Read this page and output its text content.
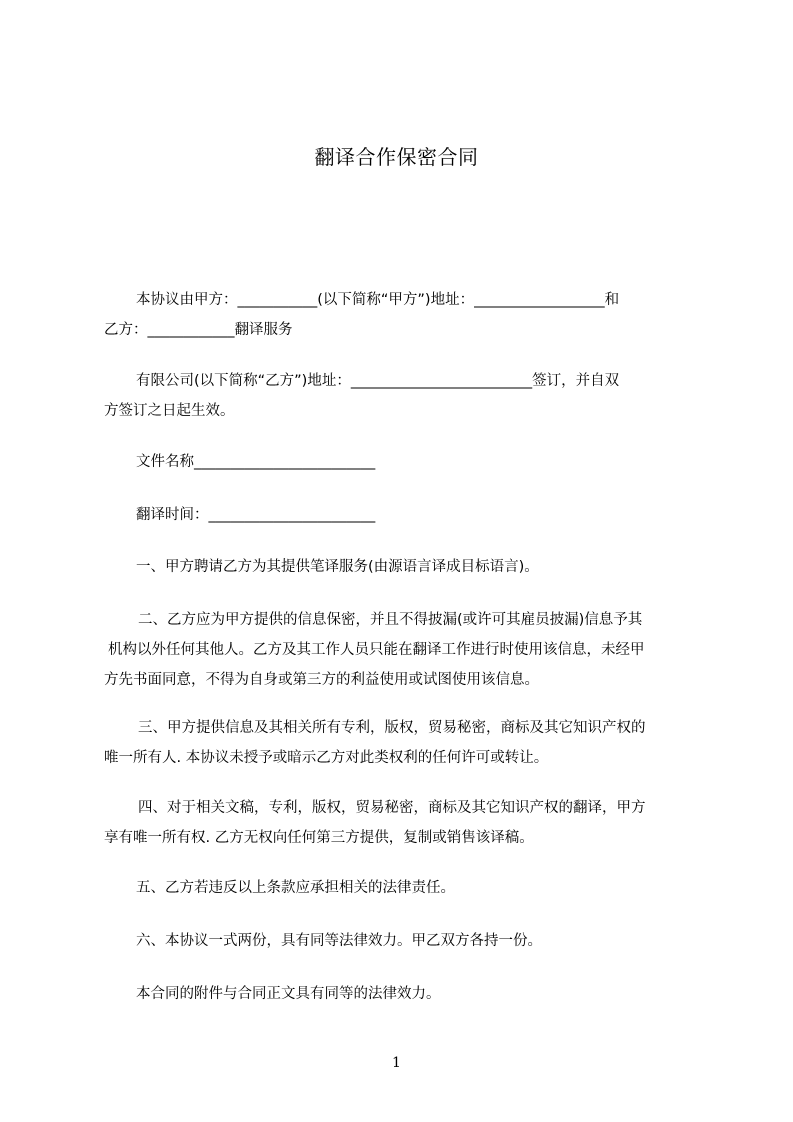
翻译合作保密合同
本协议由甲方：___________(以下简称“甲方”)地址：__________________和
乙方：____________翻译服务
有限公司(以下简称“乙方”)地址：_________________________签订，并自双
方签订之日起生效。
文件名称_________________________
翻译时间：_______________________
一、甲方聘请乙方为其提供笔译服务(由源语言译成目标语言)。
二、乙方应为甲方提供的信息保密，并且不得披漏(或许可其雇员披漏)信息予其
机构以外任何其他人。乙方及其工作人员只能在翻译工作进行时使用该信息，未经甲
方先书面同意，不得为自身或第三方的利益使用或试图使用该信息。
三、甲方提供信息及其相关所有专利，版权，贸易秘密，商标及其它知识产权的
唯一所有人. 本协议未授予或暗示乙方对此类权利的任何许可或转让。
四、对于相关文稿，专利，版权，贸易秘密，商标及其它知识产权的翻译，甲方
享有唯一所有权. 乙方无权向任何第三方提供，复制或销售该译稿。
五、乙方若违反以上条款应承担相关的法律责任。
六、本协议一式两份，具有同等法律效力。甲乙双方各持一份。
本合同的附件与合同正文具有同等的法律效力。
1
